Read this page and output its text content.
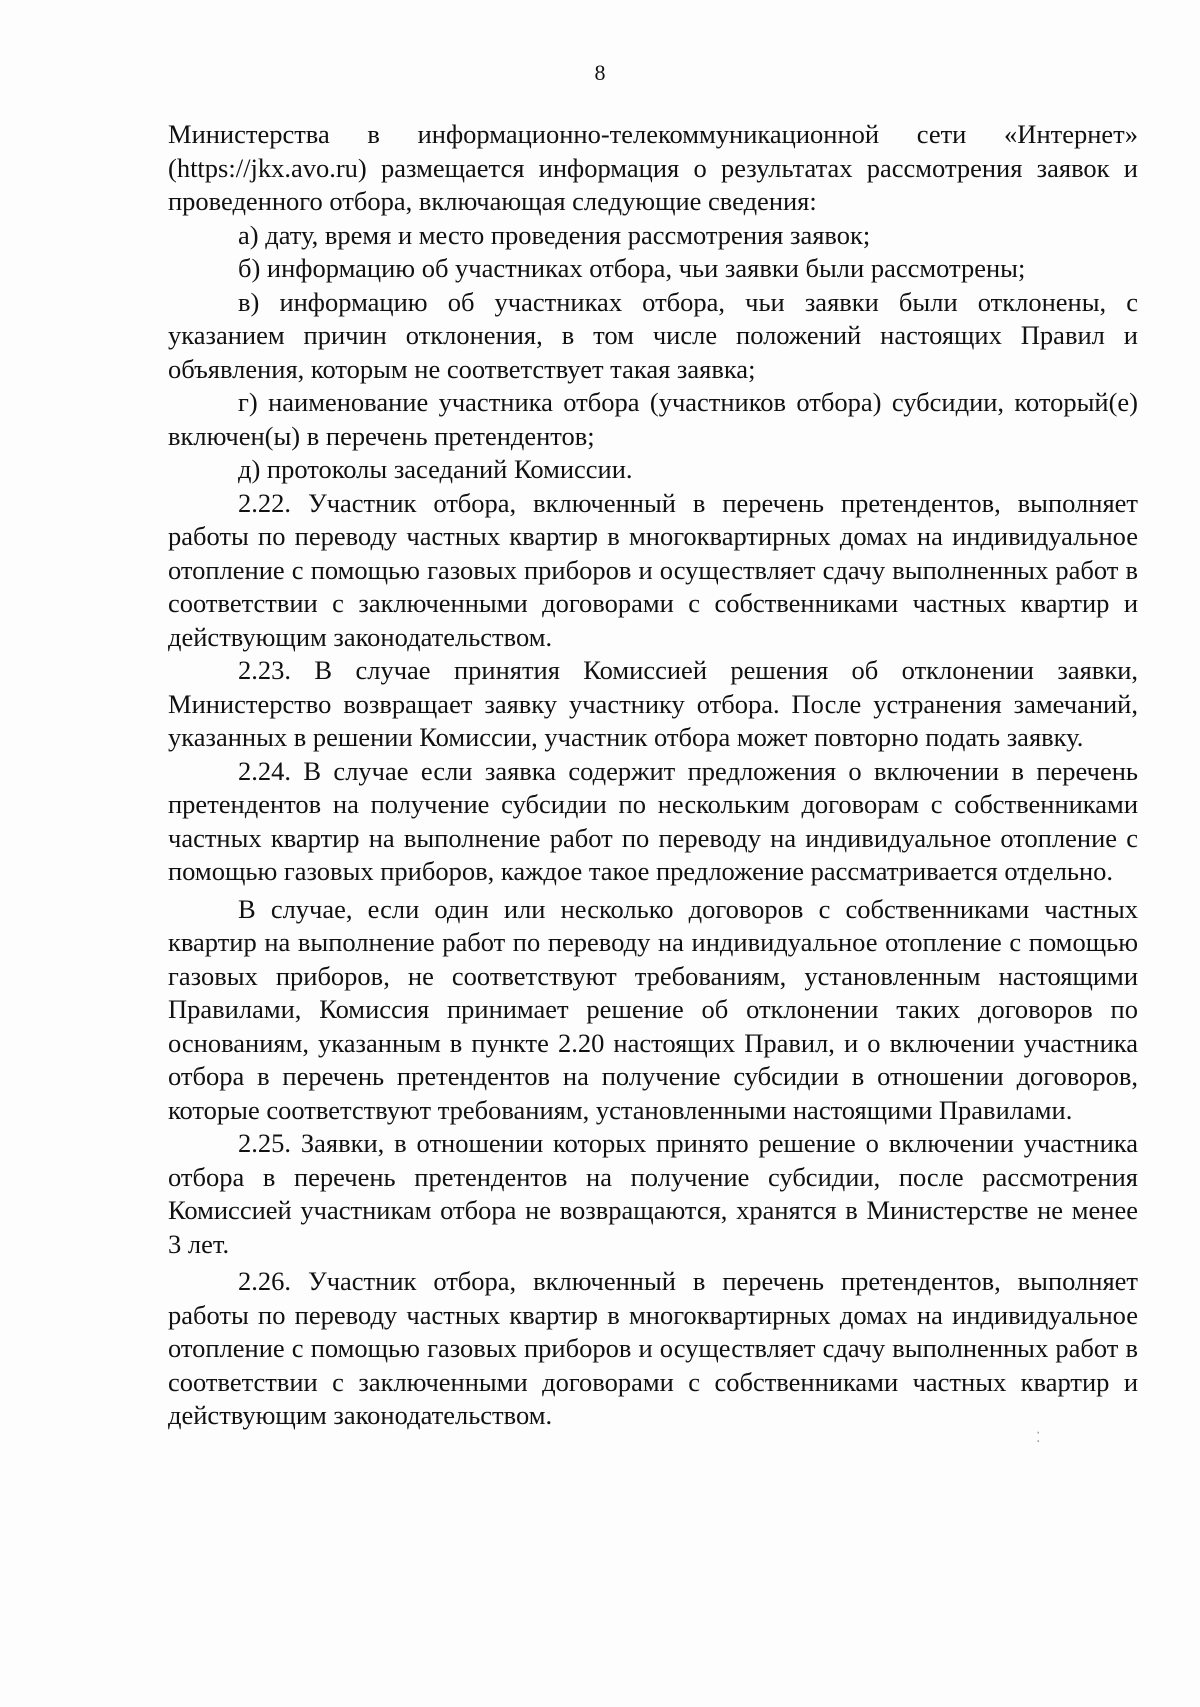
8

Министерства в информационно-телекоммуникационной сети «Интернет» (https://jkx.avo.ru) размещается информация о результатах рассмотрения заявок и проведенного отбора, включающая следующие сведения:

а) дату, время и место проведения рассмотрения заявок;

б) информацию об участниках отбора, чьи заявки были рассмотрены;

в) информацию об участниках отбора, чьи заявки были отклонены, с указанием причин отклонения, в том числе положений настоящих Правил и объявления, которым не соответствует такая заявка;

г) наименование участника отбора (участников отбора) субсидии, который(е) включен(ы) в перечень претендентов;

д) протоколы заседаний Комиссии.

2.22. Участник отбора, включенный в перечень претендентов, выполняет работы по переводу частных квартир в многоквартирных домах на индивидуальное отопление с помощью газовых приборов и осуществляет сдачу выполненных работ в соответствии с заключенными договорами с собственниками частных квартир и действующим законодательством.

2.23. В случае принятия Комиссией решения об отклонении заявки, Министерство возвращает заявку участнику отбора. После устранения замечаний, указанных в решении Комиссии, участник отбора может повторно подать заявку.

2.24. В случае если заявка содержит предложения о включении в перечень претендентов на получение субсидии по нескольким договорам с собственниками частных квартир на выполнение работ по переводу на индивидуальное отопление с помощью газовых приборов, каждое такое предложение рассматривается отдельно.

В случае, если один или несколько договоров с собственниками частных квартир на выполнение работ по переводу на индивидуальное отопление с помощью газовых приборов, не соответствуют требованиям, установленным настоящими Правилами, Комиссия принимает решение об отклонении таких договоров по основаниям, указанным в пункте 2.20 настоящих Правил, и о включении участника отбора в перечень претендентов на получение субсидии в отношении договоров, которые соответствуют требованиям, установленными настоящими Правилами.

2.25. Заявки, в отношении которых принято решение о включении участника отбора в перечень претендентов на получение субсидии, после рассмотрения Комиссией участникам отбора не возвращаются, хранятся в Министерстве не менее 3 лет.

2.26. Участник отбора, включенный в перечень претендентов, выполняет работы по переводу частных квартир в многоквартирных домах на индивидуальное отопление с помощью газовых приборов и осуществляет сдачу выполненных работ в соответствии с заключенными договорами с собственниками частных квартир и действующим законодательством.

⁚
